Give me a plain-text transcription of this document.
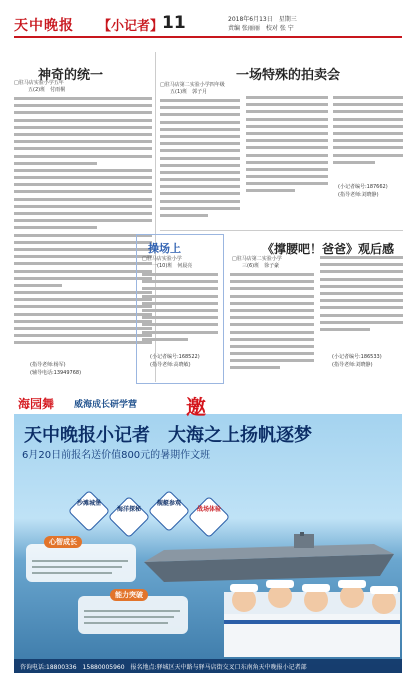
天中晚报 【小记者】
11	2018年6月13日　星期三
责编 张丽丽　校对 张 宁
神奇的统一
□驻马店实验小学五年
五(2)班　付雨桐
(指导老师:杨军)
(辅导电话:13949768)
一场特殊的拍卖会
□驻马店第二实验小学四年级
五(1)班　郭子月
(小记者编号:187662)
(指导老师:刘晓静)
操场上
□驻马店实验小学
一(10)班　何晨亮
(小记者编号:168522)
(指导老师:高晓敏)
《撑腰吧！爸爸》观后感
□驻马店第二实验小学
三(6)班　徐子豪
(小记者编号:186533)
(指导老师:刘晓静)
海园舞 威海成长研学营 邀
天中晚报小记者　大海之上扬帆逐梦
6月20日前报名送价值800元的暑期作文班
沙滩城堡
海洋探秘
舰艇参观
战场体验
心智成长
能力突破
咨询电话:18800336　15880005960　报名地点:驿城区天中路与驿马店街交叉口东南角天中晚报小记者部
